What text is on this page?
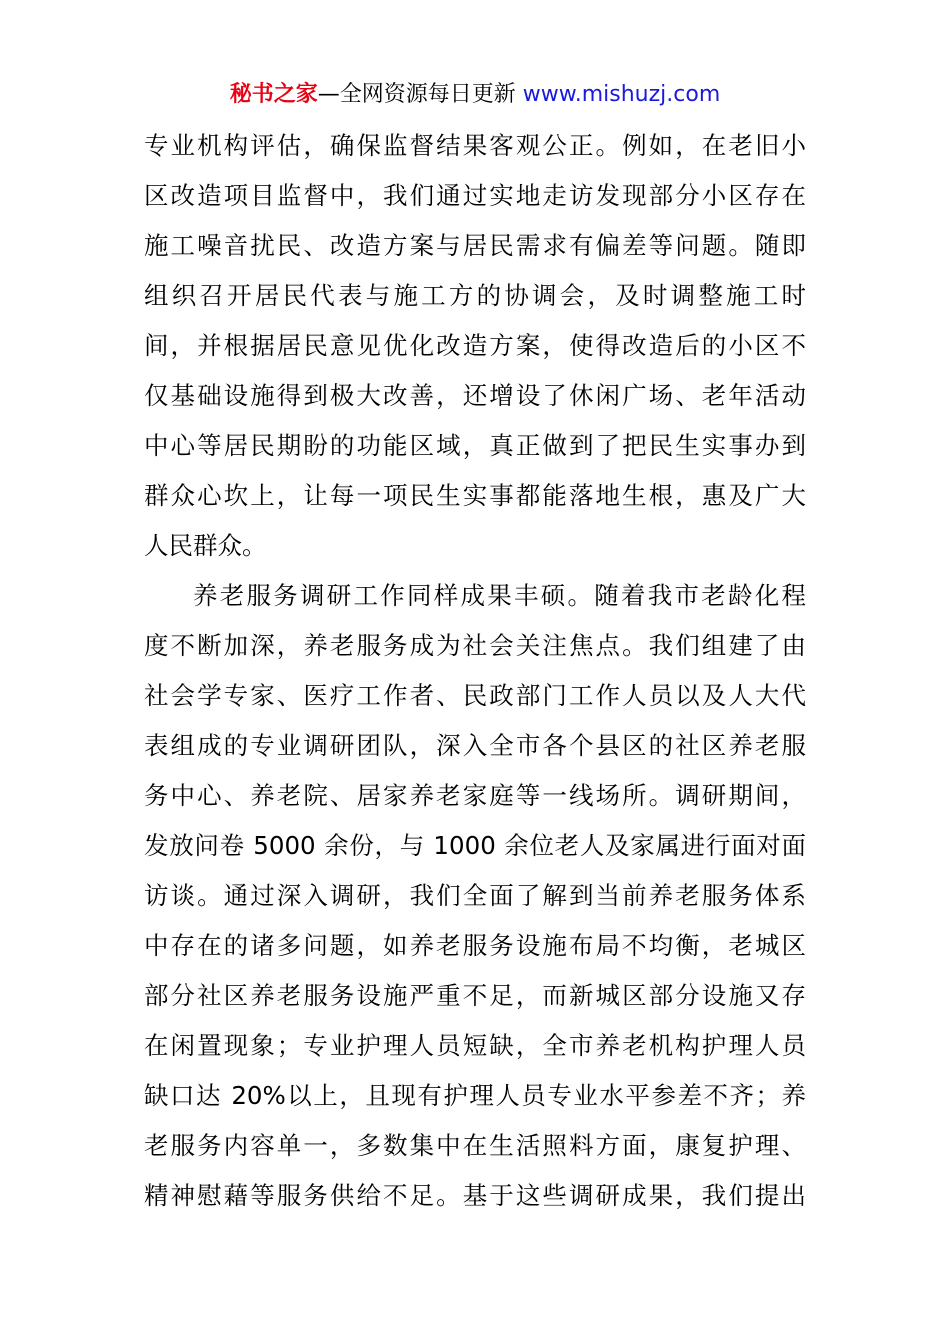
秘书之家—全网资源每日更新 www.mishuzj.com
专业机构评估，确保监督结果客观公正。例如，在老旧小
区改造项目监督中，我们通过实地走访发现部分小区存在
施工噪音扰民、改造方案与居民需求有偏差等问题。随即
组织召开居民代表与施工方的协调会，及时调整施工时
间，并根据居民意见优化改造方案，使得改造后的小区不
仅基础设施得到极大改善，还增设了休闲广场、老年活动
中心等居民期盼的功能区域，真正做到了把民生实事办到
群众心坎上，让每一项民生实事都能落地生根，惠及广大
人民群众。
养老服务调研工作同样成果丰硕。随着我市老龄化程
度不断加深，养老服务成为社会关注焦点。我们组建了由
社会学专家、医疗工作者、民政部门工作人员以及人大代
表组成的专业调研团队，深入全市各个县区的社区养老服
务中心、养老院、居家养老家庭等一线场所。调研期间，
发放问卷 5000 余份，与 1000 余位老人及家属进行面对面
访谈。通过深入调研，我们全面了解到当前养老服务体系
中存在的诸多问题，如养老服务设施布局不均衡，老城区
部分社区养老服务设施严重不足，而新城区部分设施又存
在闲置现象；专业护理人员短缺，全市养老机构护理人员
缺口达 20%以上，且现有护理人员专业水平参差不齐；养
老服务内容单一，多数集中在生活照料方面，康复护理、
精神慰藉等服务供给不足。基于这些调研成果，我们提出
